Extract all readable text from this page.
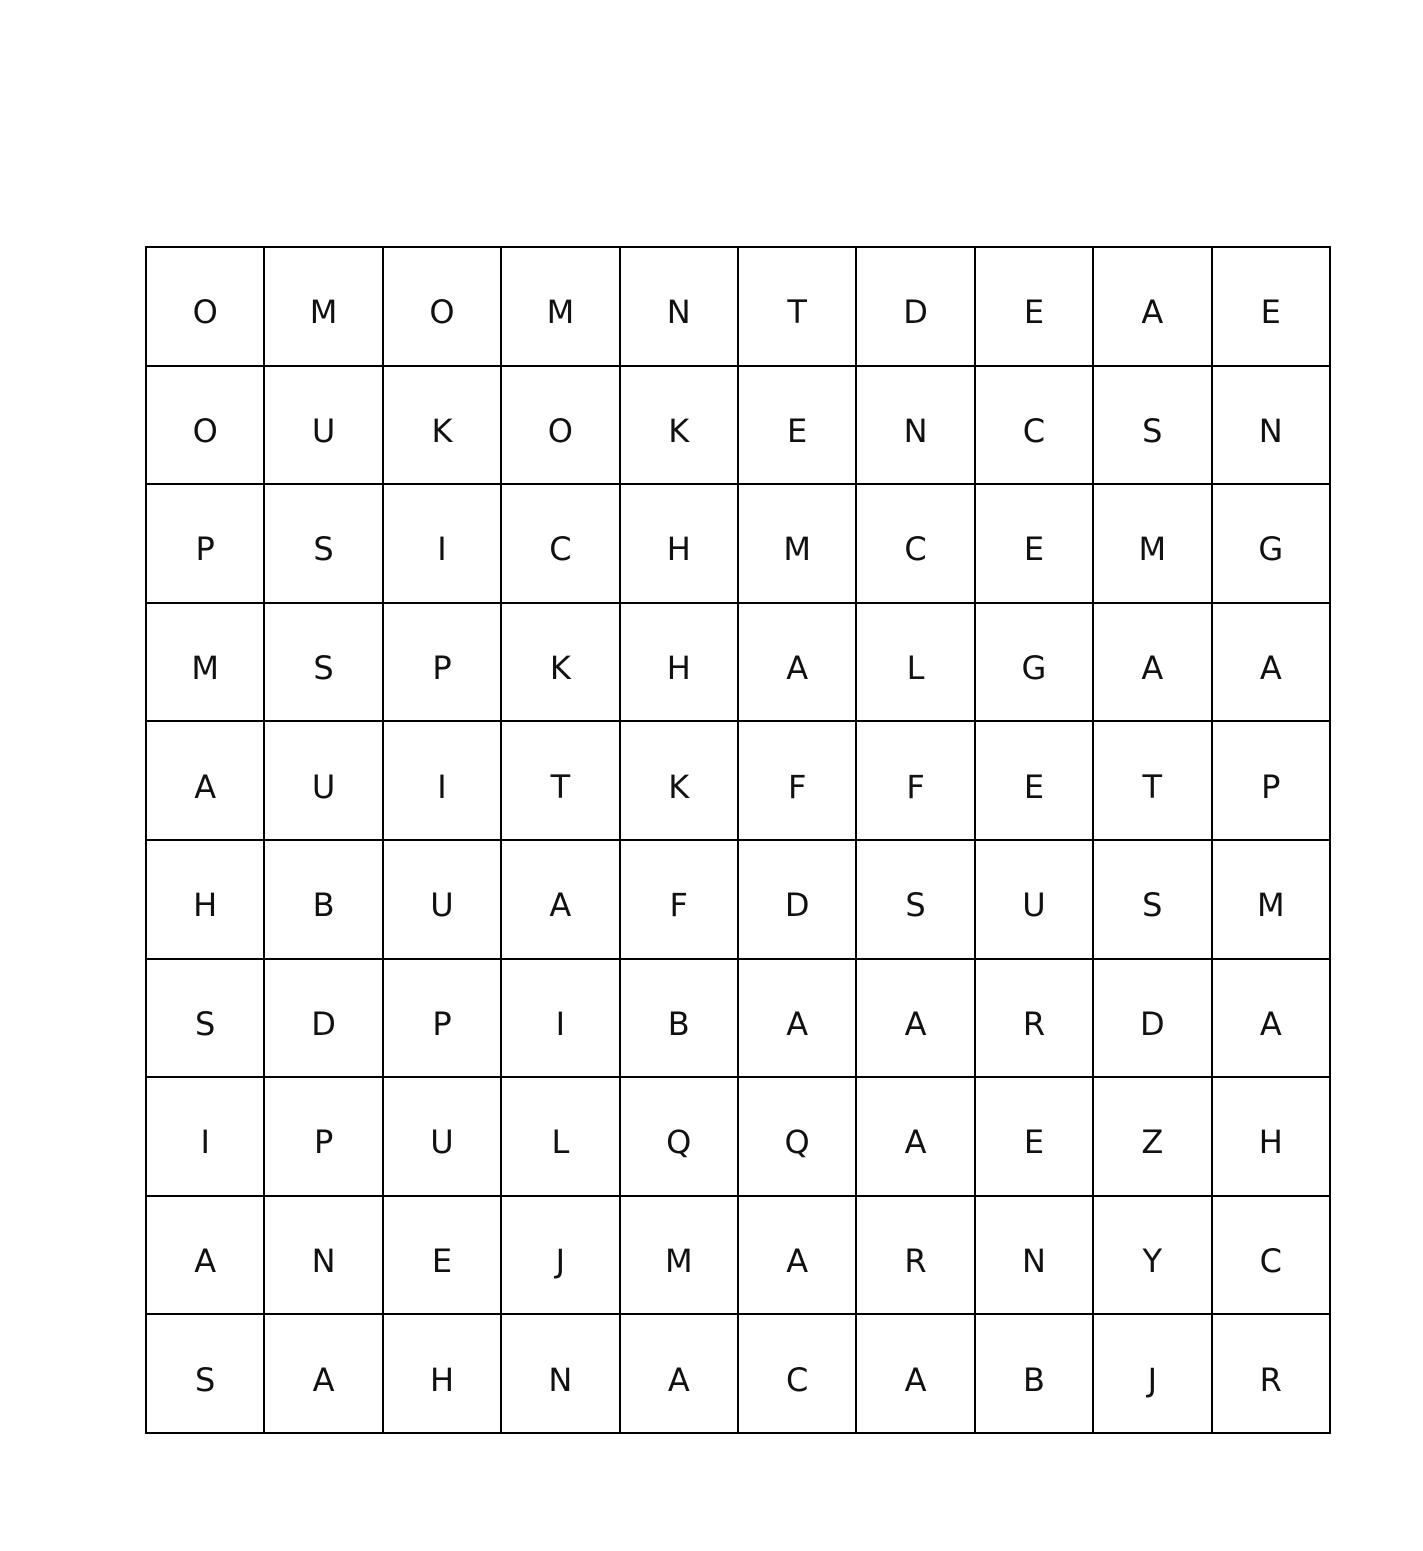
O	M	O	M	N	T	D	E	A	E
O	U	K	O	K	E	N	C	S	N
P	S	I	C	H	M	C	E	M	G
M	S	P	K	H	A	L	G	A	A
A	U	I	T	K	F	F	E	T	P
H	B	U	A	F	D	S	U	S	M
S	D	P	I	B	A	A	R	D	A
I	P	U	L	Q	Q	A	E	Z	H
A	N	E	J	M	A	R	N	Y	C
S	A	H	N	A	C	A	B	J	R
